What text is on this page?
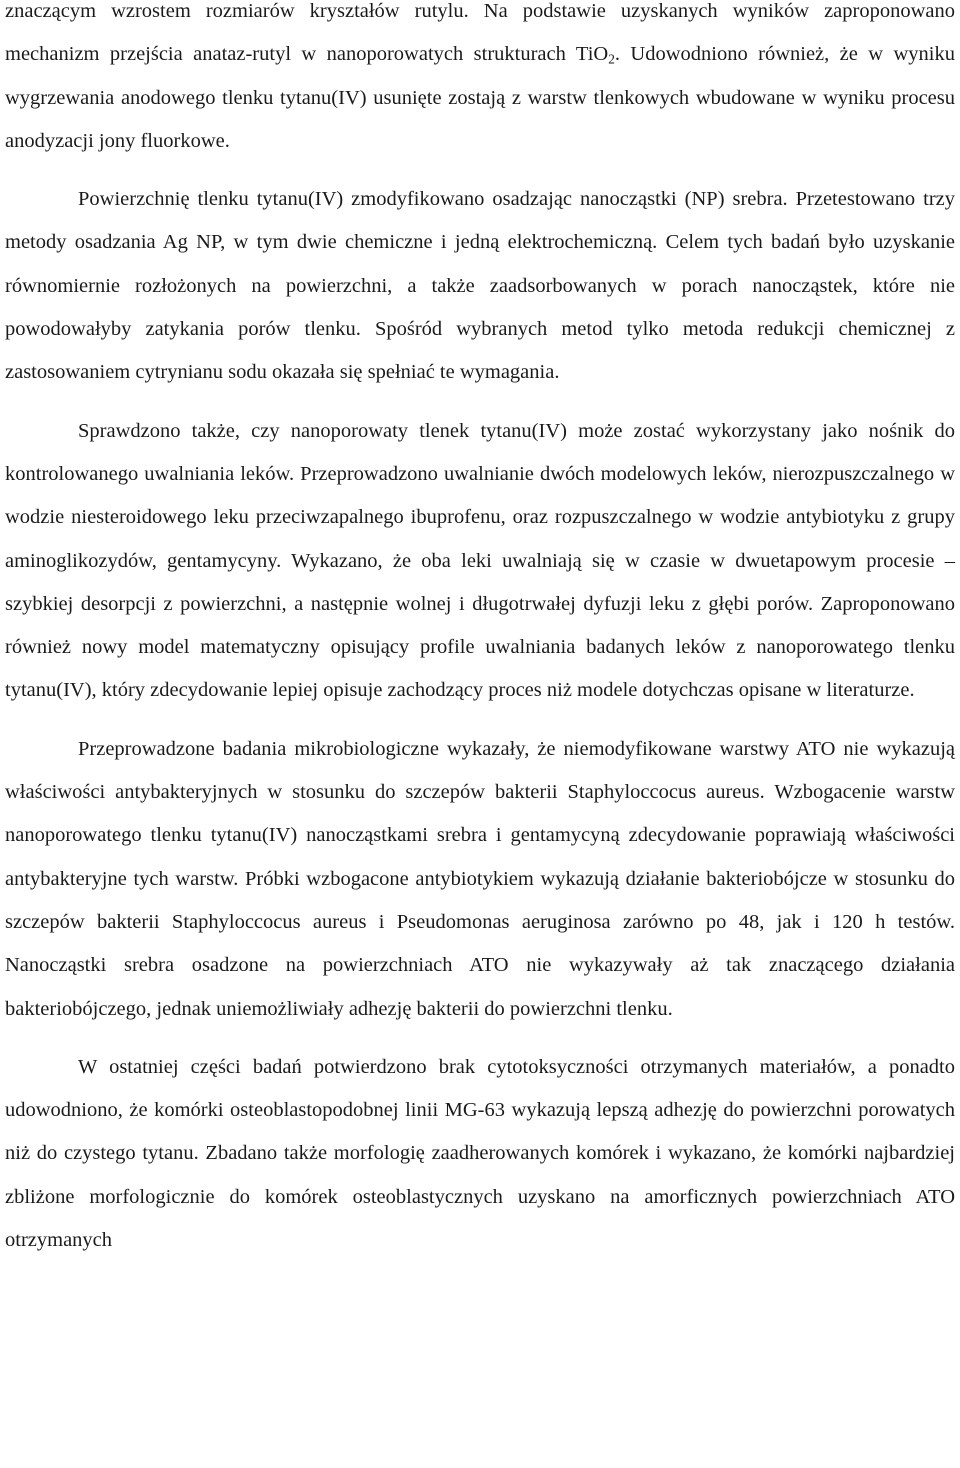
znaczącym wzrostem rozmiarów kryształów rutylu. Na podstawie uzyskanych wyników zaproponowano mechanizm przejścia anataz-rutyl w nanoporowatych strukturach TiO$_2$. Udowodniono również, że w wyniku wygrzewania anodowego tlenku tytanu(IV) usunięte zostają z warstw tlenkowych wbudowane w wyniku procesu anodyzacji jony fluorkowe.

Powierzchnię tlenku tytanu(IV) zmodyfikowano osadzając nanocząstki (NP) srebra. Przetestowano trzy metody osadzania Ag NP, w tym dwie chemiczne i jedną elektrochemiczną. Celem tych badań było uzyskanie równomiernie rozłożonych na powierzchni, a także zaadsorbowanych w porach nanocząstek, które nie powodowałyby zatykania porów tlenku. Spośród wybranych metod tylko metoda redukcji chemicznej z zastosowaniem cytrynianu sodu okazała się spełniać te wymagania.

Sprawdzono także, czy nanoporowaty tlenek tytanu(IV) może zostać wykorzystany jako nośnik do kontrolowanego uwalniania leków. Przeprowadzono uwalnianie dwóch modelowych leków, nierozpuszczalnego w wodzie niesteroidowego leku przeciwzapalnego ibuprofenu, oraz rozpuszczalnego w wodzie antybiotyku z grupy aminoglikozydów, gentamycyny. Wykazano, że oba leki uwalniają się w czasie w dwuetapowym procesie – szybkiej desorpcji z powierzchni, a następnie wolnej i długotrwałej dyfuzji leku z głębi porów. Zaproponowano również nowy model matematyczny opisujący profile uwalniania badanych leków z nanoporowatego tlenku tytanu(IV), który zdecydowanie lepiej opisuje zachodzący proces niż modele dotychczas opisane w literaturze.

Przeprowadzone badania mikrobiologiczne wykazały, że niemodyfikowane warstwy ATO nie wykazują właściwości antybakteryjnych w stosunku do szczepów bakterii Staphyloccocus aureus. Wzbogacenie warstw nanoporowatego tlenku tytanu(IV) nanocząstkami srebra i gentamycyną zdecydowanie poprawiają właściwości antybakteryjne tych warstw. Próbki wzbogacone antybiotykiem wykazują działanie bakteriobójcze w stosunku do szczepów bakterii Staphyloccocus aureus i Pseudomonas aeruginosa zarówno po 48, jak i 120 h testów. Nanocząstki srebra osadzone na powierzchniach ATO nie wykazywały aż tak znaczącego działania bakteriobójczego, jednak uniemożliwiały adhezję bakterii do powierzchni tlenku.

W ostatniej części badań potwierdzono brak cytotoksyczności otrzymanych materiałów, a ponadto udowodniono, że komórki osteoblastopodobnej linii MG-63 wykazują lepszą adhezję do powierzchni porowatych niż do czystego tytanu. Zbadano także morfologię zaadherowanych komórek i wykazano, że komórki najbardziej zbliżone morfologicznie do komórek osteoblastycznych uzyskano na amorficznych powierzchniach ATO otrzymanych
